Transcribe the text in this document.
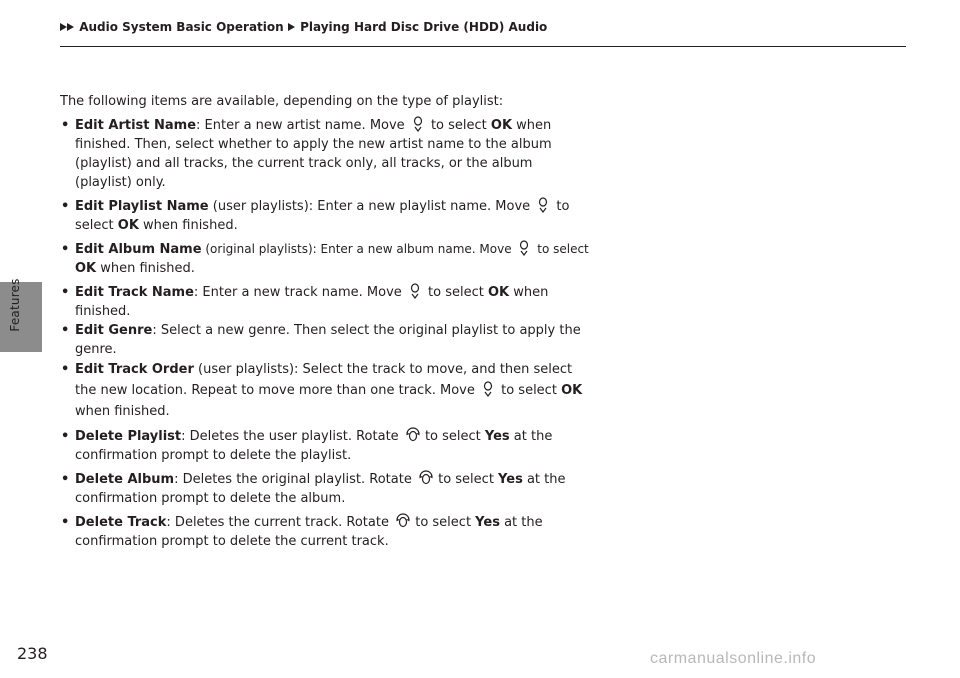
Features
Audio System Basic Operation Playing Hard Disc Drive (HDD) Audio

The following items are available, depending on the type of playlist:

• Edit Artist Name: Enter a new artist name. Move  to select OK when finished. Then, select whether to apply the new artist name to the album (playlist) and all tracks, the current track only, all tracks, or the album (playlist) only.
• Edit Playlist Name (user playlists): Enter a new playlist name. Move  to select OK when finished.
• Edit Album Name (original playlists): Enter a new album name. Move  to select OK when finished.
• Edit Track Name: Enter a new track name. Move  to select OK when finished.
• Edit Genre: Select a new genre. Then select the original playlist to apply the genre.
• Edit Track Order (user playlists): Select the track to move, and then select the new location. Repeat to move more than one track. Move  to select OK when finished.
• Delete Playlist: Deletes the user playlist. Rotate  to select Yes at the confirmation prompt to delete the playlist.
• Delete Album: Deletes the original playlist. Rotate  to select Yes at the confirmation prompt to delete the album.
• Delete Track: Deletes the current track. Rotate  to select Yes at the confirmation prompt to delete the current track.
238	carmanualsonline.info
